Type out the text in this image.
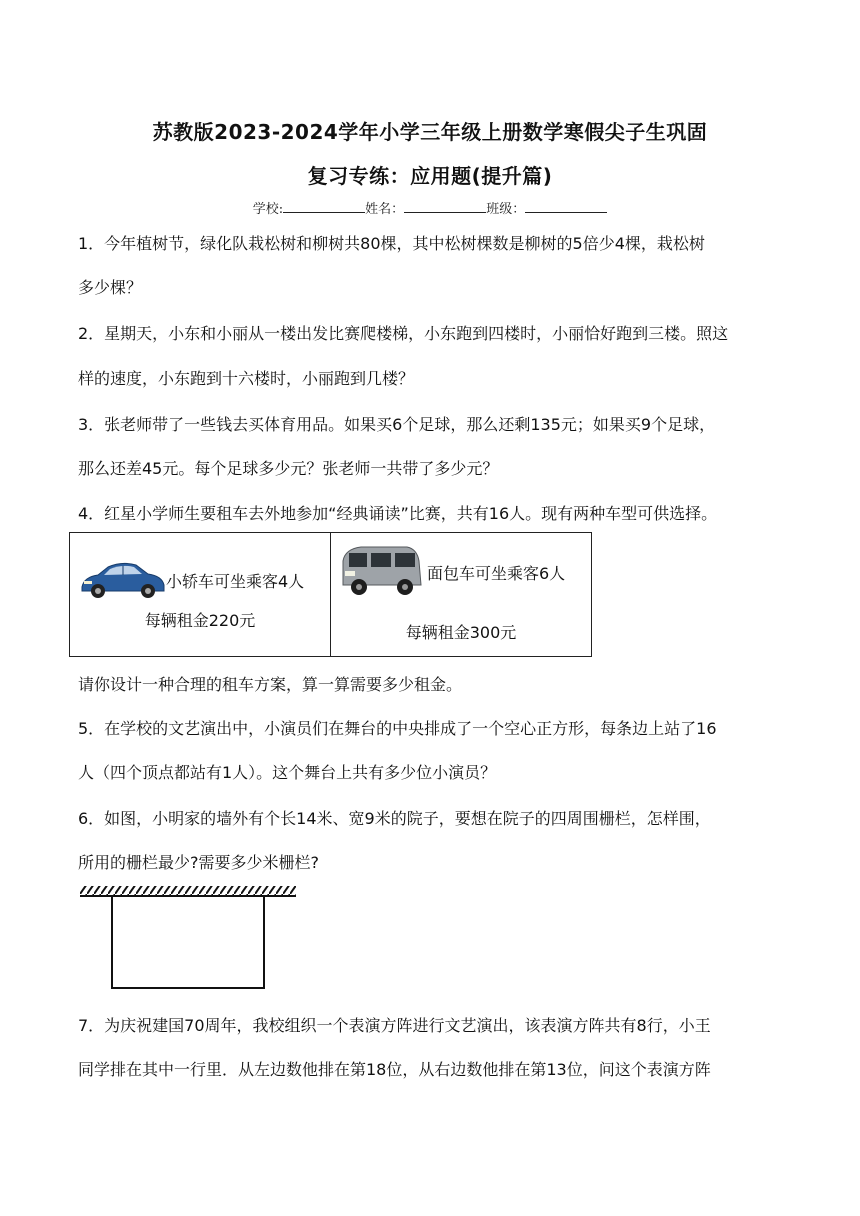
苏教版2023-2024学年小学三年级上册数学寒假尖子生巩固
复习专练：应用题(提升篇)
学校:	姓名：	班级：
1．今年植树节，绿化队栽松树和柳树共80棵，其中松树棵数是柳树的5倍少4棵，栽松树
多少棵？
2．星期天，小东和小丽从一楼出发比赛爬楼梯，小东跑到四楼时，小丽恰好跑到三楼。照这
样的速度，小东跑到十六楼时，小丽跑到几楼？
3．张老师带了一些钱去买体育用品。如果买6个足球，那么还剩135元；如果买9个足球，
那么还差45元。每个足球多少元？张老师一共带了多少元？
4．红星小学师生要租车去外地参加“经典诵读”比赛，共有16人。现有两种车型可供选择。
小轿车可坐乘客4人
每辆租金220元

面包车可坐乘客6人
每辆租金300元
请你设计一种合理的租车方案，算一算需要多少租金。
5．在学校的文艺演出中，小演员们在舞台的中央排成了一个空心正方形，每条边上站了16
人（四个顶点都站有1人）。这个舞台上共有多少位小演员？
6．如图，小明家的墙外有个长14米、宽9米的院子，要想在院子的四周围栅栏，怎样围，
所用的栅栏最少?需要多少米栅栏?
7．为庆祝建国70周年，我校组织一个表演方阵进行文艺演出，该表演方阵共有8行，小王
同学排在其中一行里．从左边数他排在第18位，从右边数他排在第13位，问这个表演方阵
